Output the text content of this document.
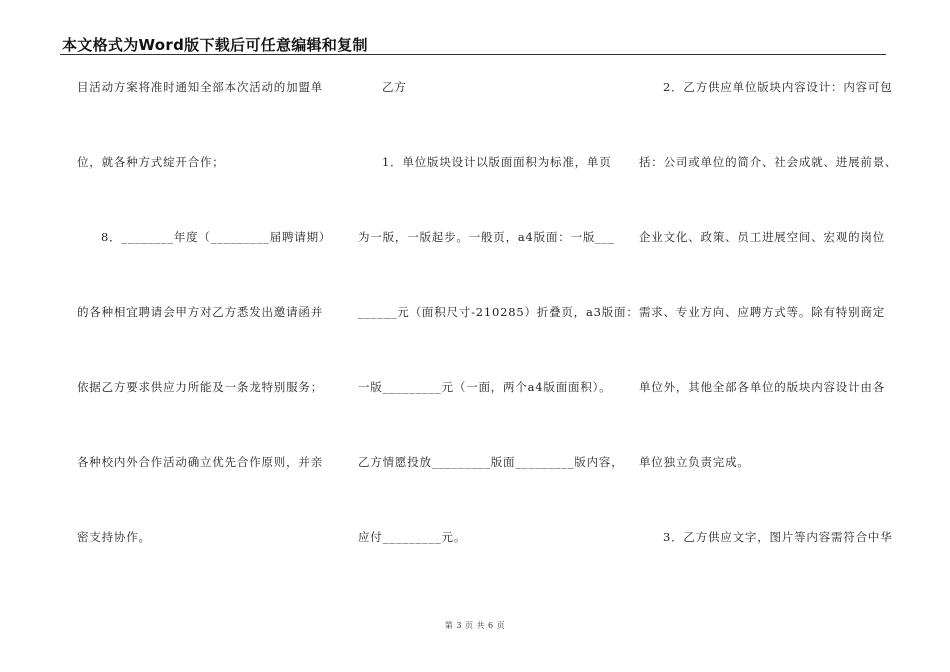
本文格式为Word版下载后可任意编辑和复制
目活动方案将准时通知全部本次活动的加盟单
位，就各种方式绽开合作；
8．________年度（_________届聘请期）
的各种相宜聘请会甲方对乙方悉发出邀请函并
依据乙方要求供应力所能及一条龙特别服务；
各种校内外合作活动确立优先合作原则，并亲
密支持协作。
乙方
1．单位版块设计以版面面积为标准，单页
为一版，一版起步。一般页，a4版面：一版___
______元（面积尺寸-210285）折叠页，a3版面：
一版_________元（一面，两个a4版面面积）。
乙方情愿投放_________版面_________版内容，
应付_________元。
2．乙方供应单位版块内容设计：内容可包
括：公司或单位的简介、社会成就、进展前景、
企业文化、政策、员工进展空间、宏观的岗位
需求、专业方向、应聘方式等。除有特别商定
单位外，其他全部各单位的版块内容设计由各
单位独立负责完成。
3．乙方供应文字，图片等内容需符合中华
第 3 页 共 6 页
